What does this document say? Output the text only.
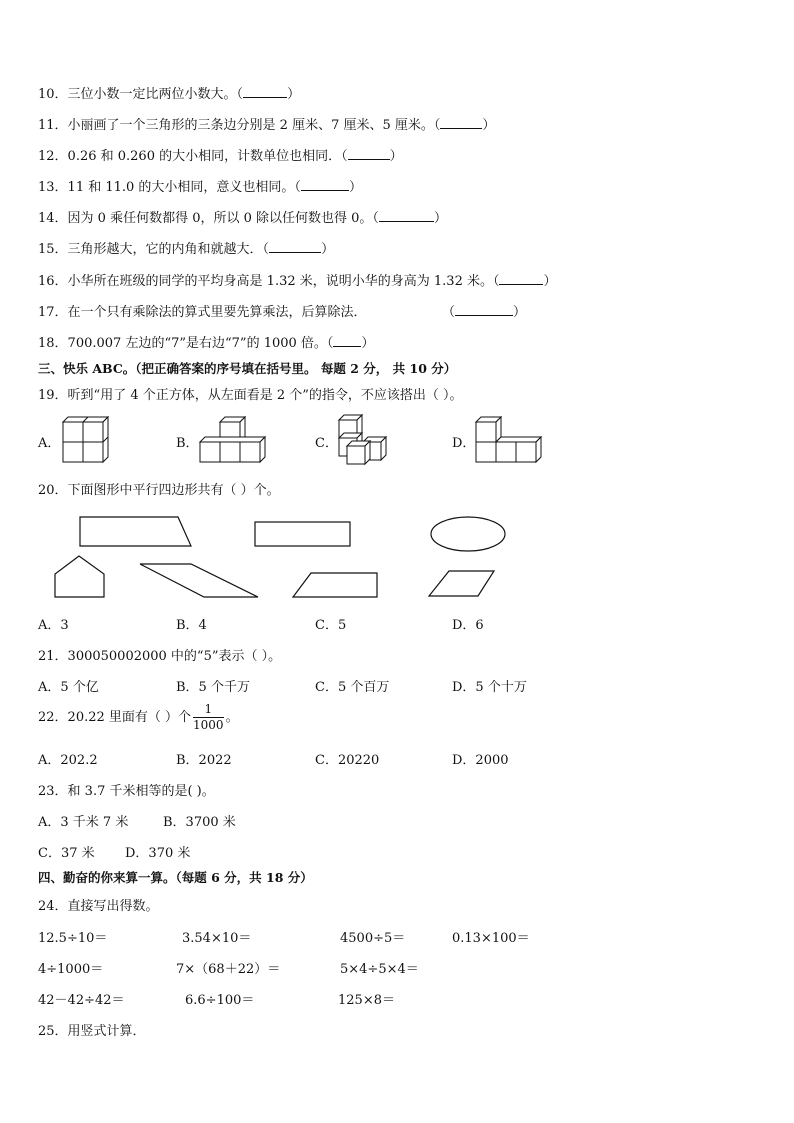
10．三位小数一定比两位小数大。（	）
11．小丽画了一个三角形的三条边分别是 2 厘米、7 厘米、5 厘米。（	）
12．0.26 和 0.260 的大小相同，计数单位也相同．（	）
13．11 和 11.0 的大小相同，意义也相同。（	）
14．因为 0 乘任何数都得 0，所以 0 除以任何数也得 0。（	）
15．三角形越大，它的内角和就越大．（	）
16．小华所在班级的同学的平均身高是 1.32 米，说明小华的身高为 1.32 米。（	）
17．在一个只有乘除法的算式里要先算乘法，后算除法．	（	）
18．700.007 左边的“7”是右边“7”的 1000 倍。（ ）
三、快乐 ABC。（把正确答案的序号填在括号里。 每题 2 分， 共 10 分）
19．听到“用了 4 个正方体，从左面看是 2 个”的指令，不应该搭出（ ）。
A．	B．	C．	D．
20．下面图形中平行四边形共有（ ）个。
A．3	B．4	C．5	D．6
21．300050002000 中的“5”表示（ ）。
A．5 个亿	B．5 个千万	C．5 个百万	D．5 个十万
22．20.22 里面有（ ）个 $\frac{1}{1000}$ 。
A．202.2	B．2022	C．20220	D．2000
23．和 3.7 千米相等的是( )。
A．3 千米 7 米	B．3700 米
C．37 米 D．370 米
四、勤奋的你来算一算。（每题 6 分，共 18 分）
24．直接写出得数。
12.5÷10＝	3.54×10＝	4500÷5＝	0.13×100＝
4÷1000＝	7×（68＋22）＝	5×4÷5×4＝
42－42÷42＝	6.6÷100＝	125×8＝
25．用竖式计算．
